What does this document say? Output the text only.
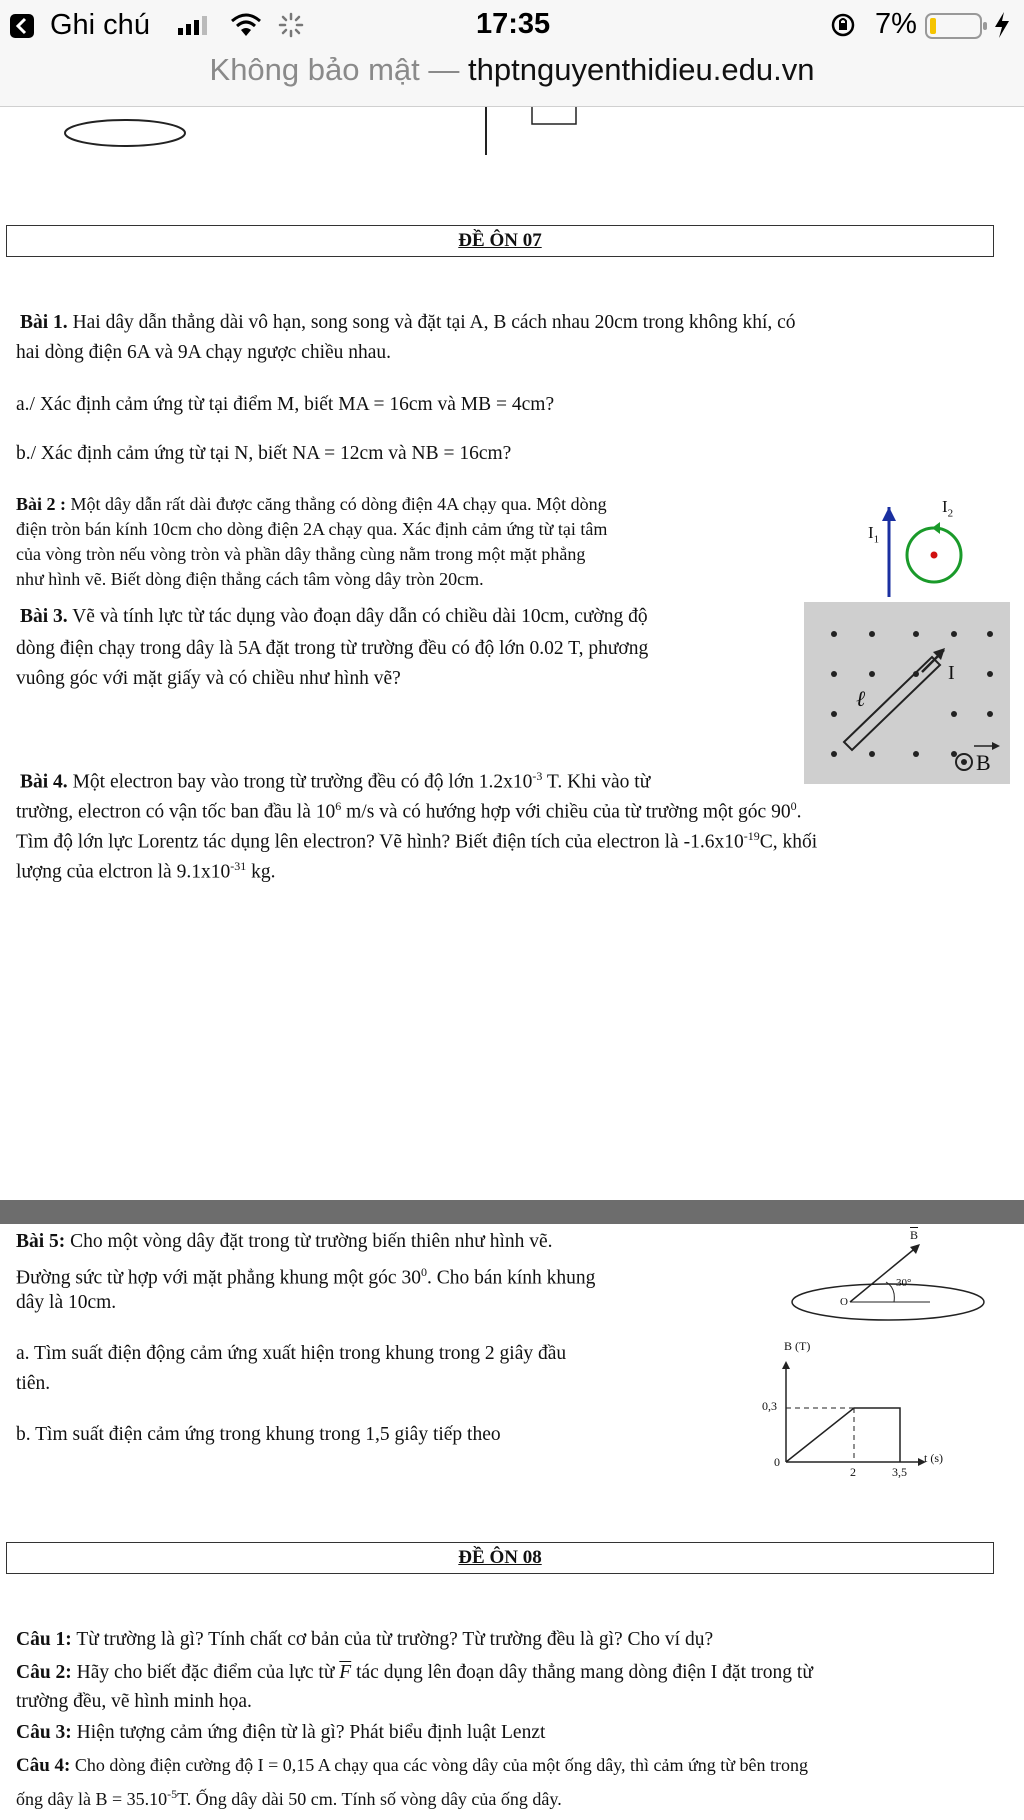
Ghi chú	17:35	7%
Không bảo mật — thptnguyenthidieu.edu.vn
ĐỀ ÔN 07
Bài 1. Hai dây dẫn thẳng dài vô hạn, song song và đặt tại A, B cách nhau 20cm trong không khí, có
hai dòng điện 6A và 9A chạy ngược chiều nhau.
a./ Xác định cảm ứng từ tại điểm M, biết MA = 16cm và MB = 4cm?
b./ Xác định cảm ứng từ tại N, biết NA = 12cm và NB = 16cm?
Bài 2 : Một dây dẫn rất dài được căng thẳng có dòng điện 4A chạy qua. Một dòng
điện tròn bán kính 10cm cho dòng điện 2A chạy qua. Xác định cảm ứng từ tại tâm
của vòng tròn nếu vòng tròn và phần dây thẳng cùng nằm trong một mặt phẳng
như hình vẽ. Biết dòng điện thẳng cách tâm vòng dây tròn 20cm.
$I_1$
$I_2$
Bài 3. Vẽ và tính lực từ tác dụng vào đoạn dây dẫn có chiều dài 10cm, cường độ
dòng điện chạy trong dây là 5A đặt trong từ trường đều có độ lớn 0.02 T, phương
vuông góc với mặt giấy và có chiều như hình vẽ?
ℓ
I
B
Bài 4. Một electron bay vào trong từ trường đều có độ lớn $1.2x10^{-3}$ T. Khi vào từ
trường, electron có vận tốc ban đầu là $10^6$ m/s và có hướng hợp với chiều của từ trường một góc $90^0$.
Tìm độ lớn lực Lorentz tác dụng lên electron? Vẽ hình? Biết điện tích của electron là $-1.6x10^{-19}C$, khối
lượng của elctron là $9.1x10^{-31}$ kg.
Bài 5: Cho một vòng dây đặt trong từ trường biến thiên như hình vẽ.
Đường sức từ hợp với mặt phẳng khung một góc $30^0$. Cho bán kính khung
dây là 10cm.
a. Tìm suất điện động cảm ứng xuất hiện trong khung trong 2 giây đầu
tiên.
b. Tìm suất điện cảm ứng trong khung trong 1,5 giây tiếp theo
$\overline{B}$
30°
O
B (T)
0,3
0
2	3,5
t (s)
ĐỀ ÔN 08
Câu 1: Từ trường là gì? Tính chất cơ bản của từ trường? Từ trường đều là gì? Cho ví dụ?
Câu 2: Hãy cho biết đặc điểm của lực từ $\overline{F}$ tác dụng lên đoạn dây thẳng mang dòng điện I đặt trong từ
trường đều, vẽ hình minh họa.
Câu 3: Hiện tượng cảm ứng điện từ là gì? Phát biểu định luật Lenzt
Câu 4: Cho dòng điện cường độ I = 0,15 A chạy qua các vòng dây của một ống dây, thì cảm ứng từ bên trong
ống dây là $B = 35.10^{-5}T$. Ống dây dài 50 cm. Tính số vòng dây của ống dây.
